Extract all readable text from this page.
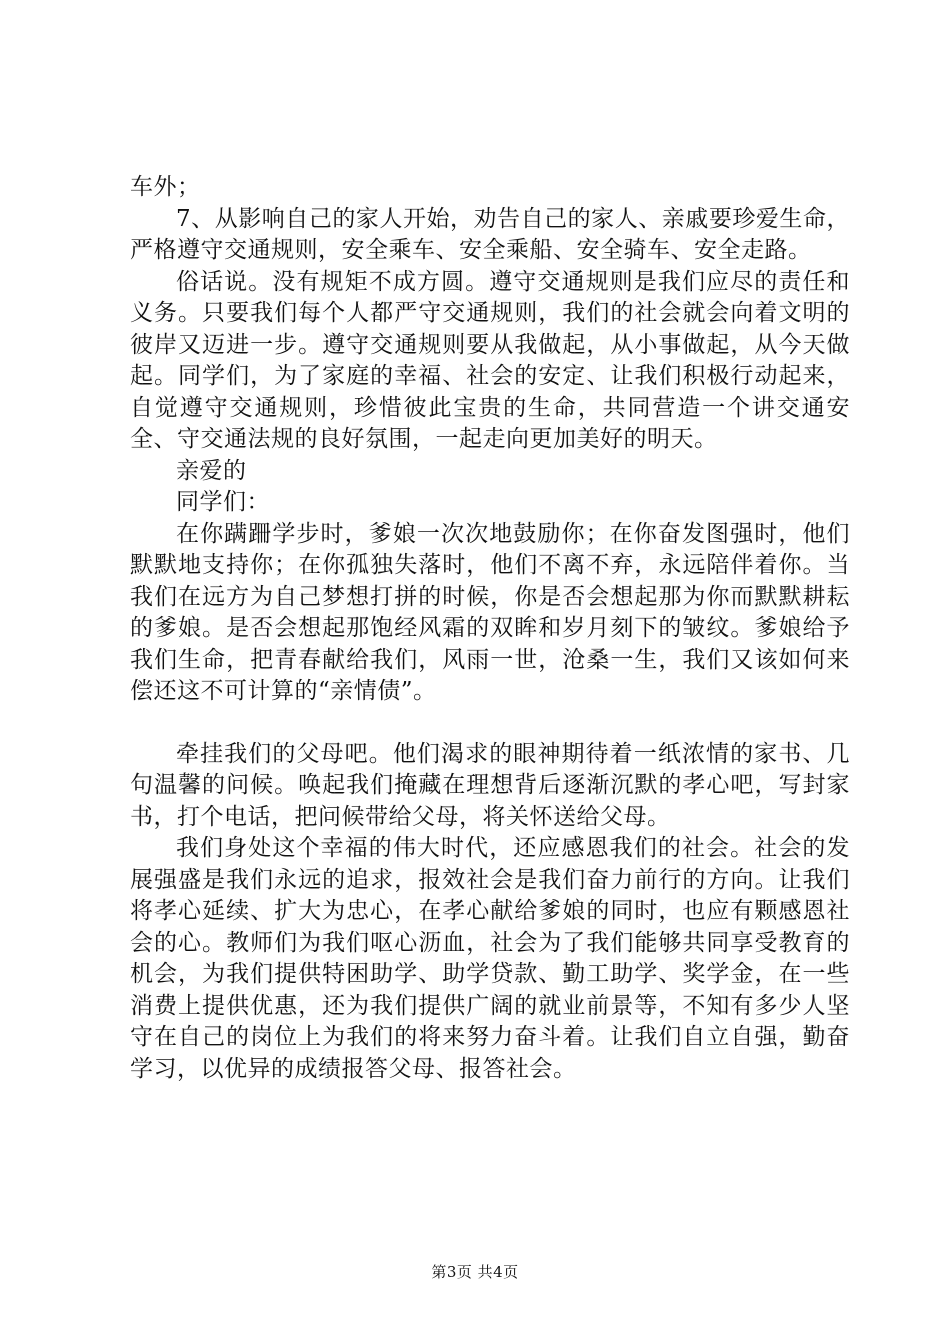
车外；

7、从影响自己的家人开始，劝告自己的家人、亲戚要珍爱生命，严格遵守交通规则，安全乘车、安全乘船、安全骑车、安全走路。

俗话说。没有规矩不成方圆。遵守交通规则是我们应尽的责任和义务。只要我们每个人都严守交通规则，我们的社会就会向着文明的彼岸又迈进一步。遵守交通规则要从我做起，从小事做起，从今天做起。同学们，为了家庭的幸福、社会的安定、让我们积极行动起来，自觉遵守交通规则，珍惜彼此宝贵的生命，共同营造一个讲交通安全、守交通法规的良好氛围，一起走向更加美好的明天。

亲爱的

同学们：

在你蹒跚学步时，爹娘一次次地鼓励你；在你奋发图强时，他们默默地支持你；在你孤独失落时，他们不离不弃，永远陪伴着你。当我们在远方为自己梦想打拼的时候，你是否会想起那为你而默默耕耘的爹娘。是否会想起那饱经风霜的双眸和岁月刻下的皱纹。爹娘给予我们生命，把青春献给我们，风雨一世，沧桑一生，我们又该如何来偿还这不可计算的“亲情债”。

牵挂我们的父母吧。他们渴求的眼神期待着一纸浓情的家书、几句温馨的问候。唤起我们掩藏在理想背后逐渐沉默的孝心吧，写封家书，打个电话，把问候带给父母，将关怀送给父母。

我们身处这个幸福的伟大时代，还应感恩我们的社会。社会的发展强盛是我们永远的追求，报效社会是我们奋力前行的方向。让我们将孝心延续、扩大为忠心，在孝心献给爹娘的同时，也应有颗感恩社会的心。教师们为我们呕心沥血，社会为了我们能够共同享受教育的机会，为我们提供特困助学、助学贷款、勤工助学、奖学金，在一些消费上提供优惠，还为我们提供广阔的就业前景等，不知有多少人坚守在自己的岗位上为我们的将来努力奋斗着。让我们自立自强，勤奋学习，以优异的成绩报答父母、报答社会。

第3页 共4页
